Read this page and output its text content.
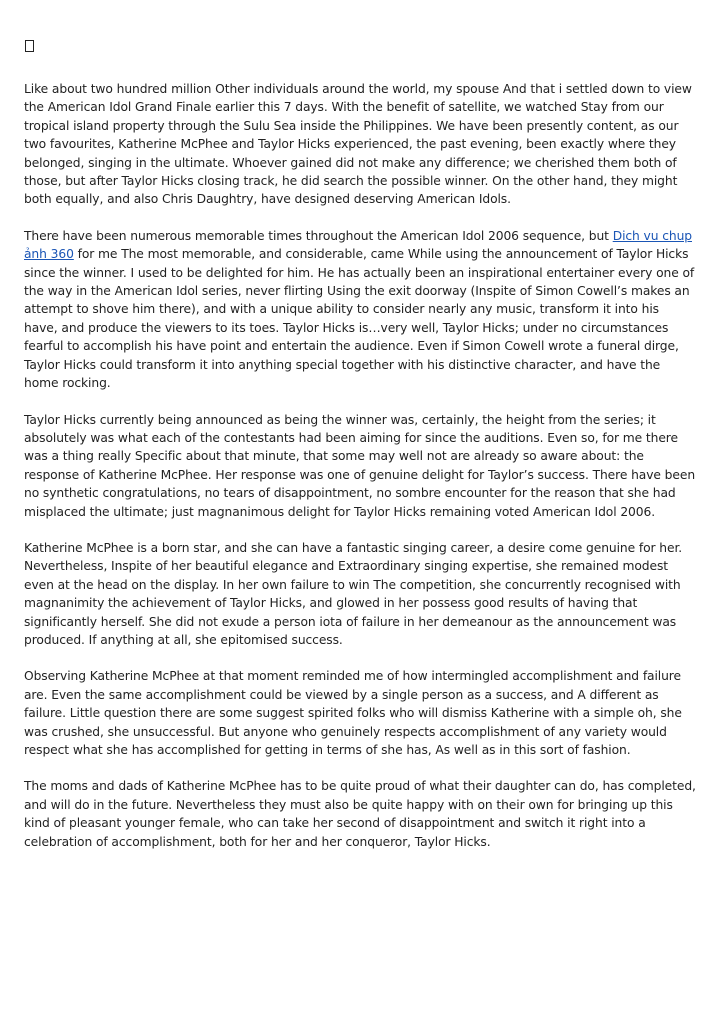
Like about two hundred million Other individuals around the world, my spouse And that i settled down to view the American Idol Grand Finale earlier this 7 days. With the benefit of satellite, we watched Stay from our tropical island property through the Sulu Sea inside the Philippines. We have been presently content, as our two favourites, Katherine McPhee and Taylor Hicks experienced, the past evening, been exactly where they belonged, singing in the ultimate. Whoever gained did not make any difference; we cherished them both of those, but after Taylor Hicks closing track, he did search the possible winner. On the other hand, they might both equally, and also Chris Daughtry, have designed deserving American Idols.

There have been numerous memorable times throughout the American Idol 2006 sequence, but Dich vu chup ảnh 360 for me The most memorable, and considerable, came While using the announcement of Taylor Hicks since the winner. I used to be delighted for him. He has actually been an inspirational entertainer every one of the way in the American Idol series, never flirting Using the exit doorway (Inspite of Simon Cowell’s makes an attempt to shove him there), and with a unique ability to consider nearly any music, transform it into his have, and produce the viewers to its toes. Taylor Hicks is…very well, Taylor Hicks; under no circumstances fearful to accomplish his have point and entertain the audience. Even if Simon Cowell wrote a funeral dirge, Taylor Hicks could transform it into anything special together with his distinctive character, and have the home rocking.

Taylor Hicks currently being announced as being the winner was, certainly, the height from the series; it absolutely was what each of the contestants had been aiming for since the auditions. Even so, for me there was a thing really Specific about that minute, that some may well not are already so aware about: the response of Katherine McPhee. Her response was one of genuine delight for Taylor’s success. There have been no synthetic congratulations, no tears of disappointment, no sombre encounter for the reason that she had misplaced the ultimate; just magnanimous delight for Taylor Hicks remaining voted American Idol 2006.

Katherine McPhee is a born star, and she can have a fantastic singing career, a desire come genuine for her. Nevertheless, Inspite of her beautiful elegance and Extraordinary singing expertise, she remained modest even at the head on the display. In her own failure to win The competition, she concurrently recognised with magnanimity the achievement of Taylor Hicks, and glowed in her possess good results of having that significantly herself. She did not exude a person iota of failure in her demeanour as the announcement was produced. If anything at all, she epitomised success.

Observing Katherine McPhee at that moment reminded me of how intermingled accomplishment and failure are. Even the same accomplishment could be viewed by a single person as a success, and A different as failure. Little question there are some suggest spirited folks who will dismiss Katherine with a simple oh, she was crushed, she unsuccessful. But anyone who genuinely respects accomplishment of any variety would respect what she has accomplished for getting in terms of she has, As well as in this sort of fashion.

The moms and dads of Katherine McPhee has to be quite proud of what their daughter can do, has completed, and will do in the future. Nevertheless they must also be quite happy with on their own for bringing up this kind of pleasant younger female, who can take her second of disappointment and switch it right into a celebration of accomplishment, both for her and her conqueror, Taylor Hicks.
